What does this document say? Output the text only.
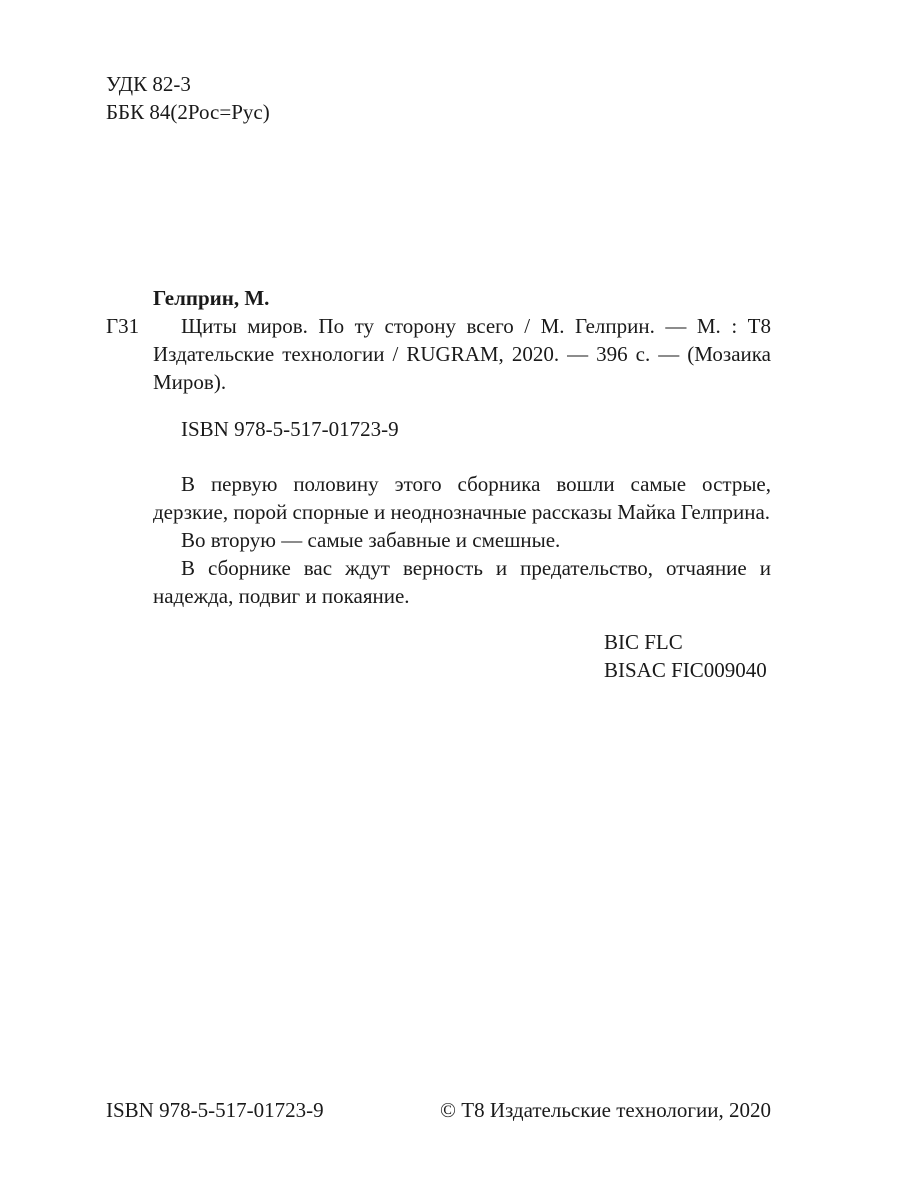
УДК 82-3
ББК 84(2Рос=Рус)
Гелприн, М.
Г31	Щиты миров. По ту сторону всего / М. Гелприн. — М. : Т8 Издательские технологии / RUGRAM, 2020. — 396 с. — (Мозаика Миров).
ISBN 978-5-517-01723-9

В первую половину этого сборника вошли самые острые, дерзкие, порой спорные и неоднозначные рассказы Майка Гелприна.

Во вторую — самые забавные и смешные.

В сборнике вас ждут верность и предательство, отчаяние и надежда, подвиг и покаяние.

BIC FLC
BISAC FIC009040
ISBN 978-5-517-01723-9	© Т8 Издательские технологии, 2020
